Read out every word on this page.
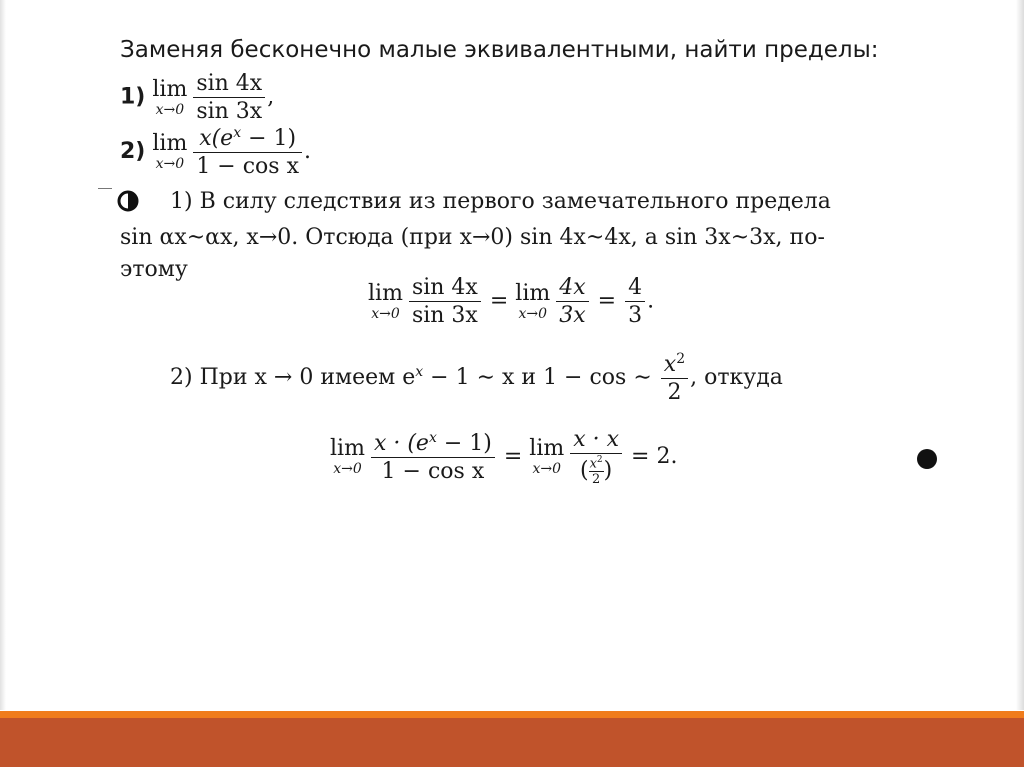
Заменяя бесконечно малые эквивалентными, найти пределы:
1) lim
$x\to 0 \frac{\sin 4x}{\sin 3x}$ ,
2) lim
$x\to 0 \frac{x(e^x - 1)}{\text{1 − cos x}}$ .
1) В силу следствия из первого замечательного предела
sin αx~αx, x→0. Отсюда (при x→0) sin 4x~4x, а sin 3x~3x, по-
этому
lim
$x\to 0 \frac{\sin 4x}{\sin 3x} = \lim$
$x\to 0 \frac{4x}{3x} = \frac{4}{3}$ .
2) При x → 0 имеем $e^x - 1$ ∼ x и 1 − cos ∼ $\frac{x^2}{2}$ , откуда
lim
$x\to 0 \frac{x \cdot (e^x - 1)}{\text{1 − cos x}} = \lim$
$x\to 0 \frac{x \cdot x}{( \frac{x^2}{2} )} = 2$.
